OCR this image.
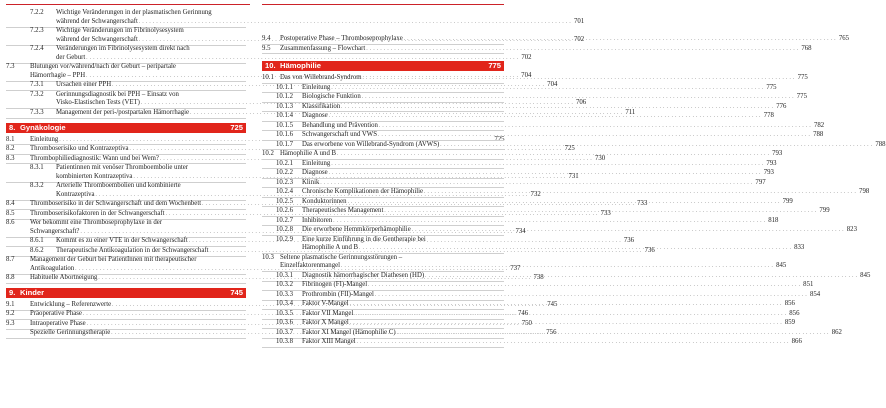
7.2.2 Wichtige Veränderungen in der plasmatischen Gerinnung
während der Schwangerschaft . . .	701
7.2.3 Wichtige Veränderungen im Fibrinolysesystem
während der Schwangerschaft . . .	702
7.2.4 Veränderungen im Fibrinolysesystem direkt nach
der Geburt . . .	702
7.3 Blutungen vor/während/nach der Geburt – peripartale
Hämorrhagie – PPH . . .	704
7.3.1 Ursachen einer PPH . . .	704
7.3.2 Gerinnungsdiagnostik bei PPH – Einsatz von
Visko-Elastischen Tests (VET) . . .	706
7.3.3 Management der peri-/postpartalen Hämorrhagie . . .	711
8. Gynäkologie	725
8.1 Einleitung . . .	725
8.2 Thromboserisiko und Kontrazeptiva . . .	725
8.3 Thrombophiliediagnostik: Wann und bei Wem? . . .	730
8.3.1 Patientinnen mit venöser Thromboembolie unter
kombinierten Kontrazeptiva . . .	731
8.3.2 Arterielle Thromboembolien und kombinierte
Kontrazeptiva . . .	732
8.4 Thromboserisiko in der Schwangerschaft und dem Wochenbett . . .	733
8.5 Thromboserisikofaktoren in der Schwangerschaft . . .	733
8.6 Wer bekommt eine Thromboseprophylaxe in der
Schwangerschaft? . . .	734
8.6.1 Kommt es zu einer VTE in der Schwangerschaft . . .	736
8.6.2 Therapeutische Antikoagulation in der Schwangerschaft . . .	736
8.7 Management der Geburt bei PatientInnen mit therapeutischer
Antikoagulation . . .	737
8.8 Habituelle Abortneigung . . .	738
9. Kinder	745
9.1 Entwicklung – Referenzwerte . . .	745
9.2 Präoperative Phase . . .	746
9.3 Intraoperative Phase . . .	750
Spezielle Gerinnungstherapie . . .	756
9.4 Postoperative Phase – Thromboseprophylaxe . . .	765
9.5 Zusammenfassung – Flowchart . . .	768
10. Hämophilie	775
10.1 Das von Willebrand-Syndrom . . .	775
10.1.1 Einleitung . . .	775
10.1.2 Biologische Funktion . . .	775
10.1.3 Klassifikation . . .	776
10.1.4 Diagnose . . .	778
10.1.5 Behandlung und Prävention . . .	782
10.1.6 Schwangerschaft und VWS . . .	788
10.1.7 Das erworbene von Willebrand-Syndrom (AVWS) . . .	788
10.2 Hämophilie A und B . . .	793
10.2.1 Einleitung . . .	793
10.2.2 Diagnose . . .	793
10.2.3 Klinik . . .	797
10.2.4 Chronische Komplikationen der Hämophilie . . .	798
10.2.5 Konduktorinnen . . .	799
10.2.6 Therapeutisches Management . . .	799
10.2.7 Inhibitoren . . .	818
10.2.8 Die erworbene Hemmkörperhämophilie . . .	823
10.2.9 Eine kurze Einführung in die Gentherapie bei
Hämophilie A und B . . .	833
10.3 Seltene plasmatische Gerinnungsstörungen –
Einzelfaktorenmangel . . .	845
10.3.1 Diagnostik hämorrhagischer Diathesen (HD) . . .	845
10.3.2 Fibrinogen (FI)-Mangel . . .	851
10.3.3 Prothrombin (FII)-Mangel . . .	854
10.3.4 Faktor V-Mangel . . .	856
10.3.5 Faktor VII Mangel . . .	856
10.3.6 Faktor X Mangel . . .	859
10.3.7 Faktor XI Mangel (Hämophilie C) . . .	862
10.3.8 Faktor XIII Mangel . . .	866
